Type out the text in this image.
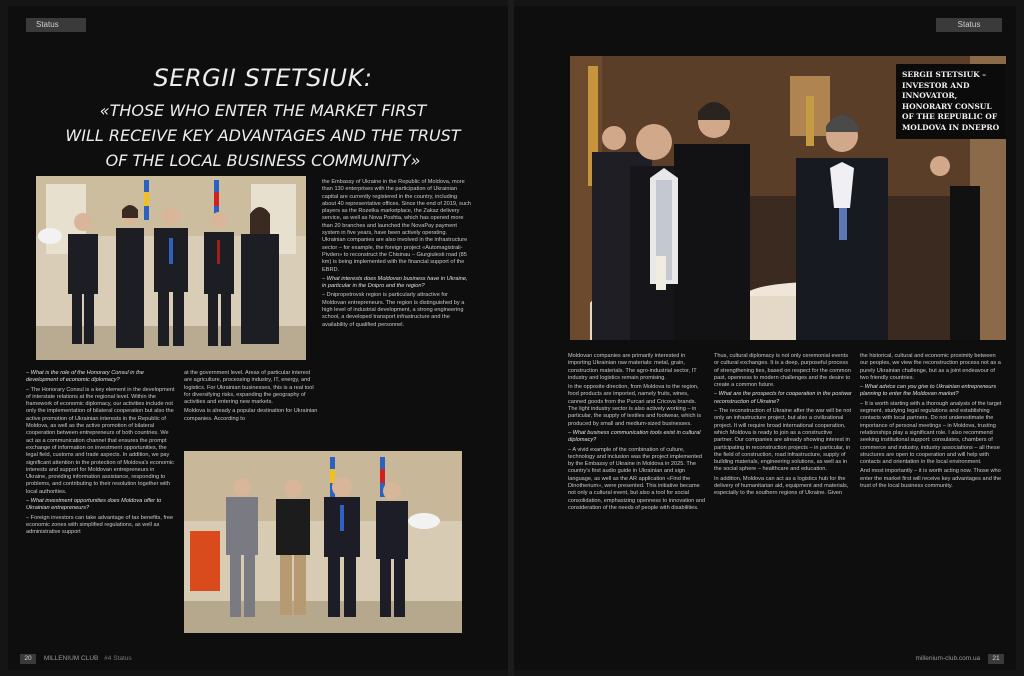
Status
SERGII STETSIUK:
«THOSE WHO ENTER THE MARKET FIRST
WILL RECEIVE KEY ADVANTAGES AND THE TRUST
OF THE LOCAL BUSINESS COMMUNITY»

– What is the role of the Honorary Consul in the development of economic diplomacy?

– The Honorary Consul is a key element in the development of interstate relations at the regional level. Within the framework of economic diplomacy, our activities include not only the implementation of bilateral cooperation but also the active promotion of Ukrainian interests in the Republic of Moldova, as well as the active promotion of bilateral cooperation between entrepreneurs of both countries. We act as a communication channel that ensures the prompt exchange of information on investment opportunities, the legal field, customs and trade aspects. In addition, we pay significant attention to the protection of Moldova's economic interests and support for Moldovan entrepreneurs in Ukraine, providing information assistance, responding to problems, and contributing to their resolution together with local authorities.

– What investment opportunities does Moldova offer to Ukrainian entrepreneurs?

– Foreign investors can take advantage of tax benefits, free economic zones with simplified regulations, as well as administrative support

at the government level. Areas of particular interest are agriculture, processing industry, IT, energy, and logistics. For Ukrainian businesses, this is a real tool for diversifying risks, expanding the geography of activities and entering new markets.

Moldova is already a popular destination for Ukrainian companies. According to

the Embassy of Ukraine in the Republic of Moldova, more than 130 enterprises with the participation of Ukrainian capital are currently registered in the country, including about 40 representative offices. Since the end of 2019, such players as the Rozetka marketplace, the Zakaz delivery service, as well as Nova Poshta, which has opened more than 20 branches and launched the NovaPay payment system in five years, have been actively operating. Ukrainian companies are also involved in the infrastructure sector – for example, the foreign project «Automagistrali-Pivden» to reconstruct the Chisinau – Giurgiulesti road (85 km) is being implemented with the financial support of the EBRD.

– What interests does Moldovan business have in Ukraine, in particular in the Dnipro and the region?

– Dnipropetrovsk region is particularly attractive for Moldovan entrepreneurs. The region is distinguished by a high level of industrial development, a strong engineering school, a developed transport infrastructure and the availability of qualified personnel.

20 MILLENIUM CLUB #4 Status
Status
SERGII STETSIUK – INVESTOR AND INNOVATOR, HONORARY CONSUL OF THE REPUBLIC OF MOLDOVA IN DNEPRO

Moldovan companies are primarily interested in importing Ukrainian raw materials: metal, grain, construction materials. The agro-industrial sector, IT industry and logistics remain promising.

In the opposite direction, from Moldova to the region, food products are imported, namely fruits, wines, canned goods from the Purcari and Cricova brands. The light industry sector is also actively working – in particular, the supply of textiles and footwear, which is produced by small and medium-sized businesses.

– What business communication tools exist in cultural diplomacy?

– A vivid example of the combination of culture, technology and inclusion was the project implemented by the Embassy of Ukraine in Moldova in 2025. The country's first audio guide in Ukrainian and sign language, as well as the AR application «Find the Dinotherium», were presented. This initiative became not only a cultural event, but also a tool for social consolidation, emphasizing openness to innovation and consideration of the needs of people with disabilities.

Thus, cultural diplomacy is not only ceremonial events or cultural exchanges. It is a deep, purposeful process of strengthening ties, based on respect for the common past, openness to modern challenges and the desire to create a common future.

– What are the prospects for cooperation in the postwar reconstruction of Ukraine?

– The reconstruction of Ukraine after the war will be not only an infrastructure project, but also a civilizational project. It will require broad international cooperation, which Moldova is ready to join as a constructive partner. Our companies are already showing interest in participating in reconstruction projects – in particular, in the field of construction, road infrastructure, supply of building materials, engineering solutions, as well as in the social sphere – healthcare and education.

In addition, Moldova can act as a logistics hub for the delivery of humanitarian aid, equipment and materials, especially to the southern regions of Ukraine. Given

the historical, cultural and economic proximity between our peoples, we view the reconstruction process not as a purely Ukrainian challenge, but as a joint endeavour of two friendly countries.

– What advice can you give to Ukrainian entrepreneurs planning to enter the Moldovan market?

– It is worth starting with a thorough analysis of the target segment, studying legal regulations and establishing contacts with local partners. Do not underestimate the importance of personal meetings – in Moldova, trusting relationships play a significant role. I also recommend seeking institutional support: consulates, chambers of commerce and industry, industry associations – all these structures are open to cooperation and will help with contacts and orientation in the local environment.

And most importantly – it is worth acting now. Those who enter the market first will receive key advantages and the trust of the local business community.

millenium-club.com.ua 21
